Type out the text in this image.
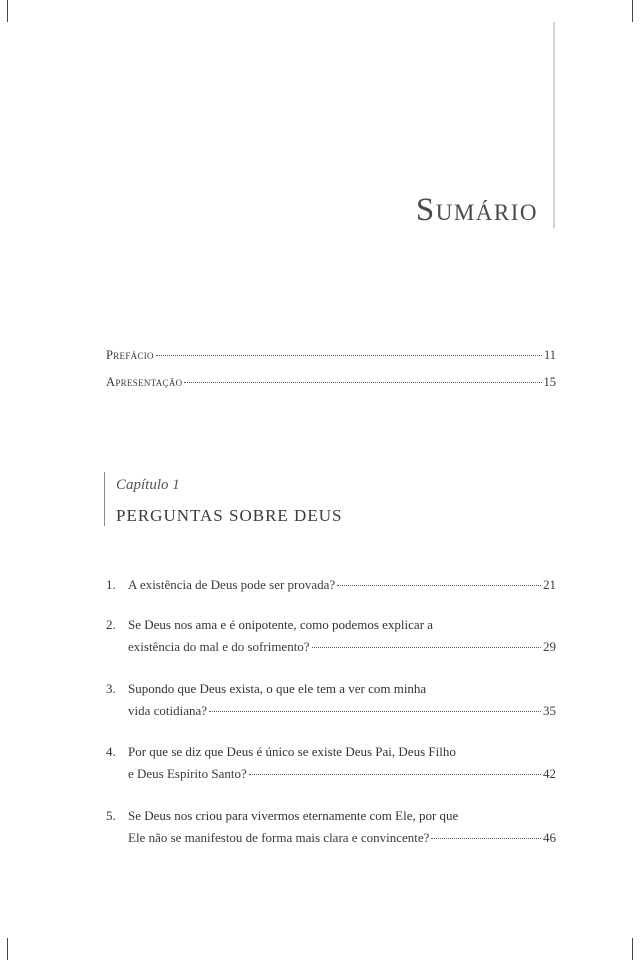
Sumário
Prefácio	11
Apresentação	15
Capítulo 1
PERGUNTAS SOBRE DEUS
1. A existência de Deus pode ser provada?	21
2. Se Deus nos ama e é onipotente, como podemos explicar a
existência do mal e do sofrimento?	29
3. Supondo que Deus exista, o que ele tem a ver com minha
vida cotidiana?	35
4. Por que se diz que Deus é único se existe Deus Pai, Deus Filho
e Deus Espírito Santo?	42
5. Se Deus nos criou para vivermos eternamente com Ele, por que
Ele não se manifestou de forma mais clara e convincente?	46
